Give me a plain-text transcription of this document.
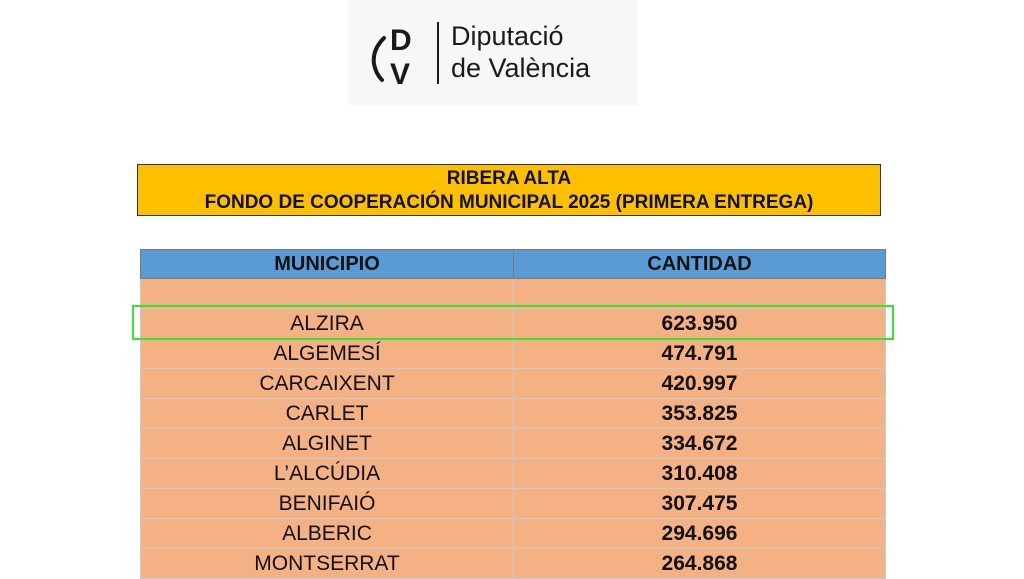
D
V
Diputació
de València
RIBERA ALTA
FONDO DE COOPERACIÓN MUNICIPAL 2025 (PRIMERA ENTREGA)
MUNICIPIO	CANTIDAD

ALZIRA	623.950
ALGEMESÍ	474.791
CARCAIXENT	420.997
CARLET	353.825
ALGINET	334.672
L’ALCÚDIA	310.408
BENIFAIÓ	307.475
ALBERIC	294.696
MONTSERRAT	264.868
